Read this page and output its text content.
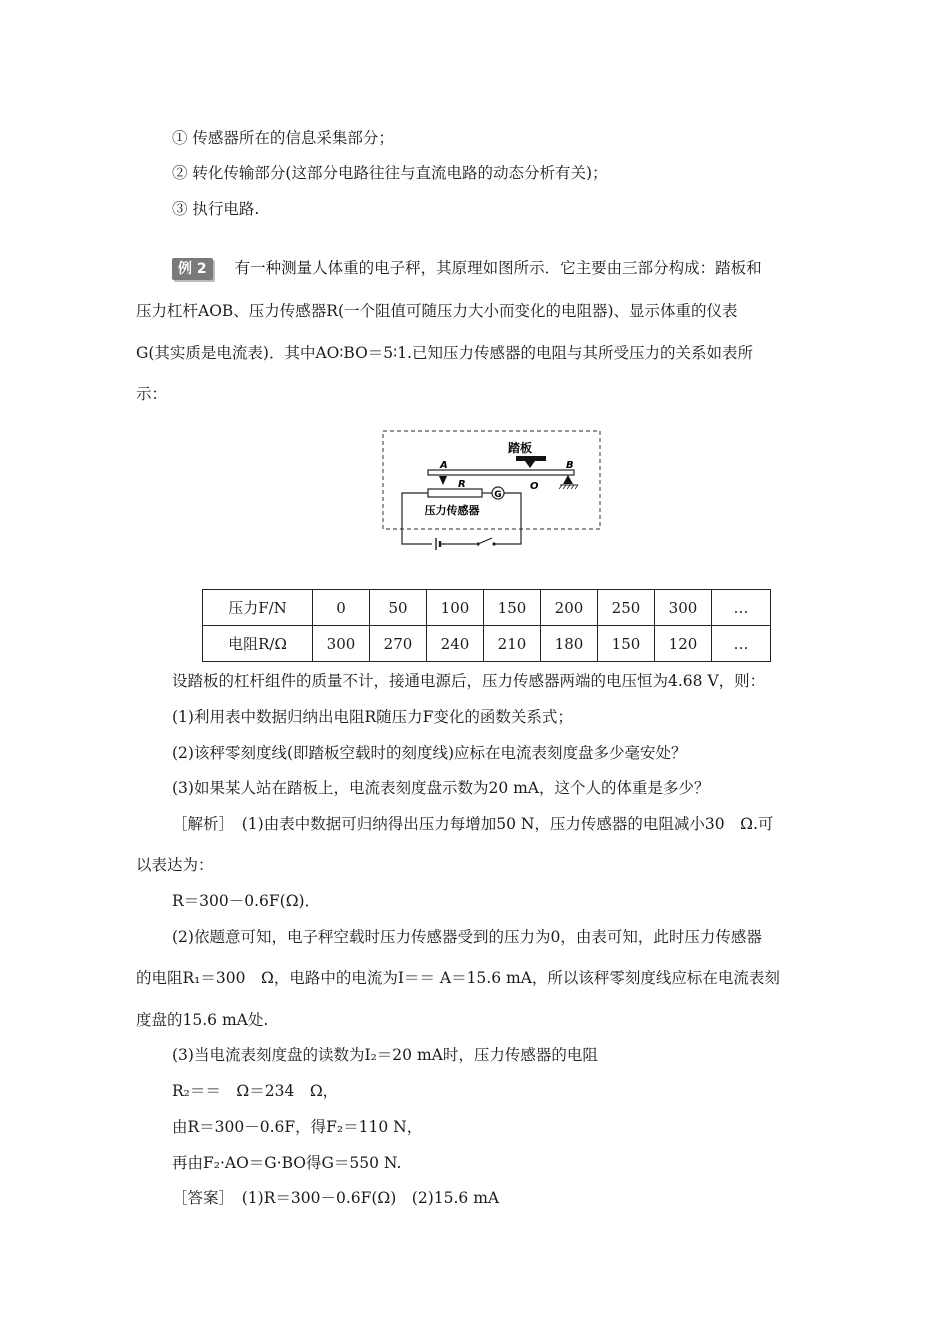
① 传感器所在的信息采集部分；
② 转化传输部分(这部分电路往往与直流电路的动态分析有关)；
③ 执行电路.
例 2 有一种测量人体重的电子秤，其原理如图所示．它主要由三部分构成：踏板和
压力杠杆AOB、压力传感器R(一个阻值可随压力大小而变化的电阻器)、显示体重的仪表
G(其实质是电流表)．其中AO∶BO＝5∶1.已知压力传感器的电阻与其所受压力的关系如表所
示：
踏板
A	B
O
R
G
压力传感器
压力F/N	0	50	100	150	200	250	300	…
电阻R/Ω	300	270	240	210	180	150	120	…
设踏板的杠杆组件的质量不计，接通电源后，压力传感器两端的电压恒为4.68 V，则：
(1)利用表中数据归纳出电阻R随压力F变化的函数关系式；
(2)该秤零刻度线(即踏板空载时的刻度线)应标在电流表刻度盘多少毫安处？
(3)如果某人站在踏板上，电流表刻度盘示数为20 mA，这个人的体重是多少？
［解析］　(1)由表中数据可归纳得出压力每增加50 N，压力传感器的电阻减小30　Ω.可
以表达为：
R＝300－0.6F(Ω)．
(2)依题意可知，电子秤空载时压力传感器受到的压力为0，由表可知，此时压力传感器
的电阻R₁＝300　Ω，电路中的电流为I＝＝ A＝15.6 mA，所以该秤零刻度线应标在电流表刻
度盘的15.6 mA处.
(3)当电流表刻度盘的读数为I₂＝20 mA时，压力传感器的电阻
R₂＝＝　Ω＝234　Ω，
由R＝300－0.6F，得F₂＝110 N，
再由F₂·AO＝G·BO得G＝550 N.
［答案］　(1)R＝300－0.6F(Ω)　(2)15.6 mA
